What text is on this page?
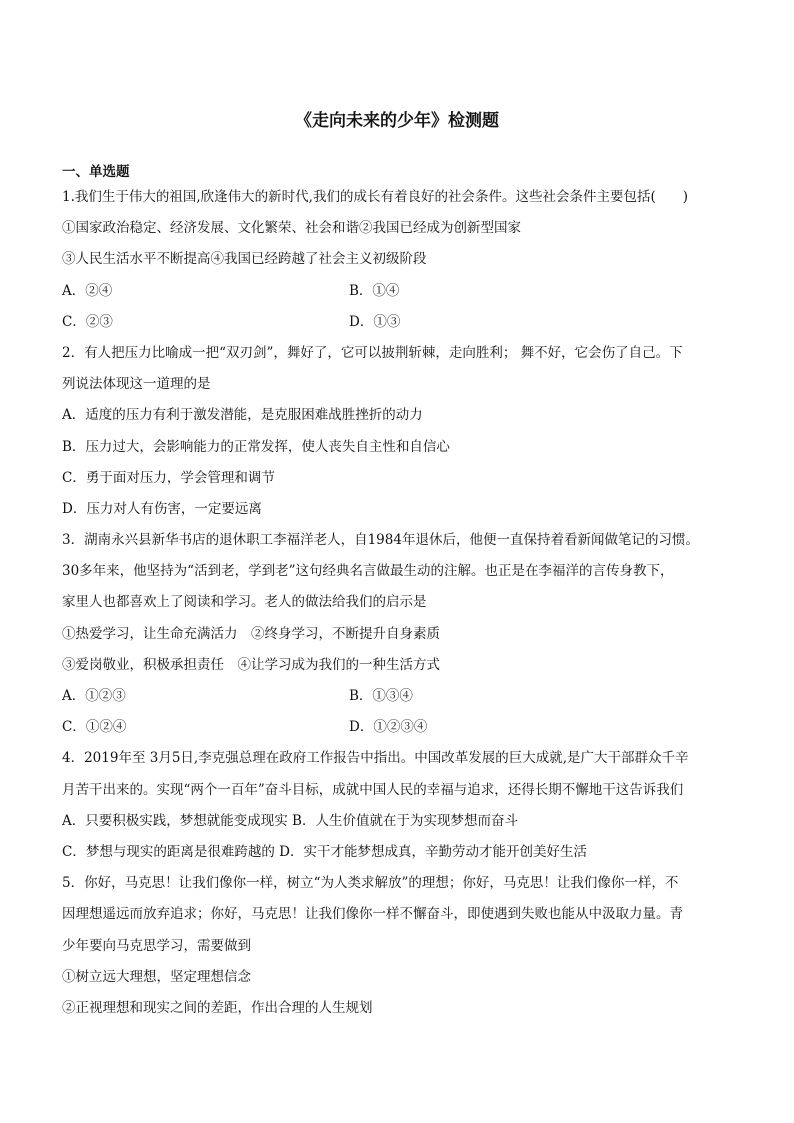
《走向未来的少年》检测题
一、单选题
1.我们生于伟大的祖国,欣逢伟大的新时代,我们的成长有着良好的社会条件。这些社会条件主要包括(　　)
①国家政治稳定、经济发展、文化繁荣、社会和谐②我国已经成为创新型国家
③人民生活水平不断提高④我国已经跨越了社会主义初级阶段
A．②④	B．①④
C．②③	D．①③
2．有人把压力比喻成一把“双刃剑”，舞好了，它可以披荆斩棘，走向胜利； 舞不好，它会伤了自己。下
列说法体现这一道理的是
A．适度的压力有利于激发潜能，是克服困难战胜挫折的动力
B．压力过大，会影响能力的正常发挥，使人丧失自主性和自信心
C．勇于面对压力，学会管理和调节
D．压力对人有伤害，一定要远离
3．湖南永兴县新华书店的退休职工李福洋老人，自1984年退休后，他便一直保持着看新闻做笔记的习惯。
30多年来，他坚持为“活到老，学到老”这句经典名言做最生动的注解。也正是在李福洋的言传身教下，
家里人也都喜欢上了阅读和学习。老人的做法给我们的启示是
①热爱学习，让生命充满活力　②终身学习，不断提升自身素质
③爱岗敬业，积极承担责任　④让学习成为我们的一种生活方式
A．①②③	B．①③④
C．①②④	D．①②③④
4．2019年至 3月5日,李克强总理在政府工作报告中指出。中国改革发展的巨大成就,是广大干部群众千辛
月苦干出来的。实现“两个一百年”奋斗目标，成就中国人民的幸福与追求，还得长期不懈地干这告诉我们
A．只要积极实践，梦想就能变成现实 B．人生价值就在于为实现梦想而奋斗
C．梦想与现实的距离是很难跨越的 D．实干才能梦想成真，辛勤劳动才能开创美好生活
5．你好，马克思！让我们像你一样，树立“为人类求解放”的理想；你好，马克思！让我们像你一样，不
因理想遥远而放弃追求；你好，马克思！让我们像你一样不懈奋斗，即使遇到失败也能从中汲取力量。青
少年要向马克思学习，需要做到
①树立远大理想，坚定理想信念
②正视理想和现实之间的差距，作出合理的人生规划
